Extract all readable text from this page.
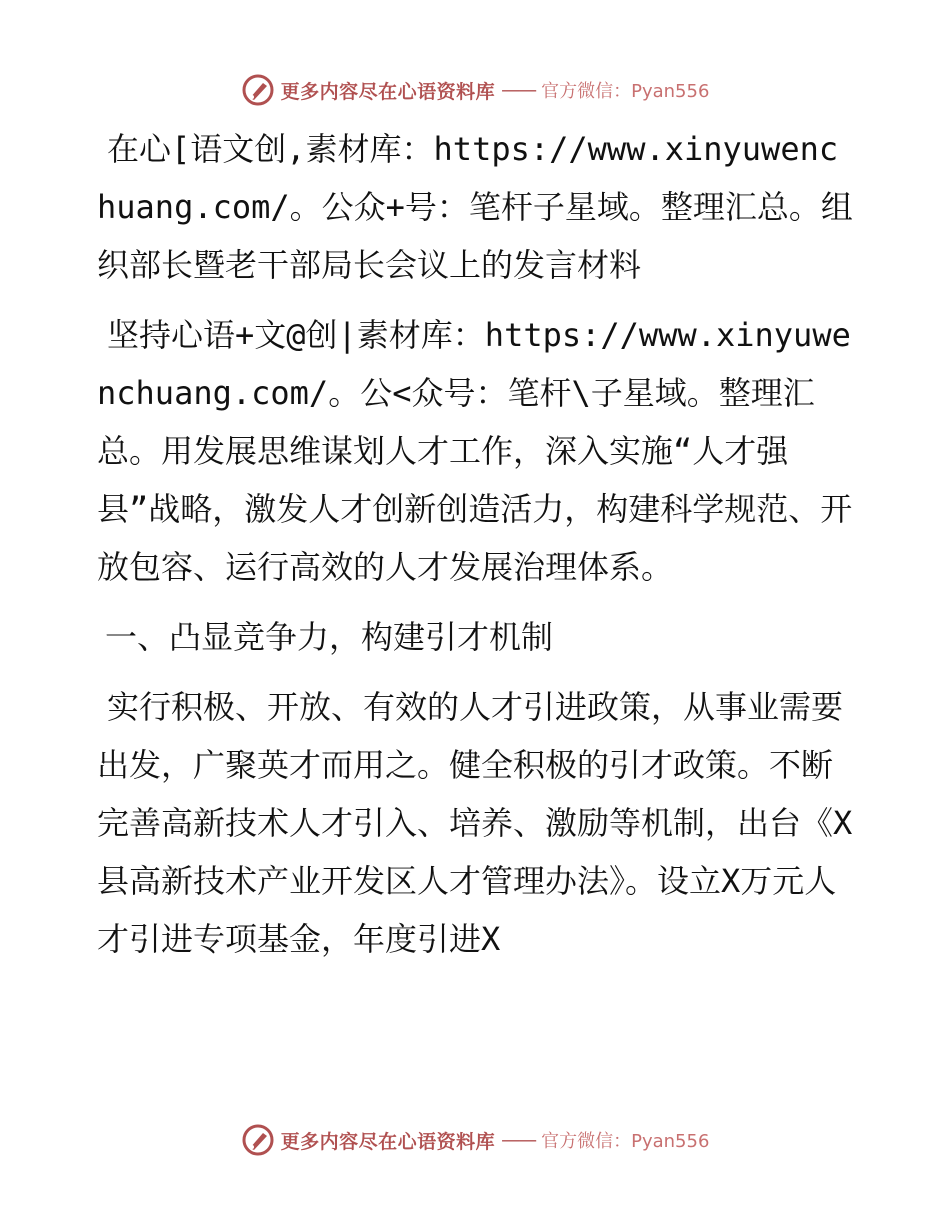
更多内容尽在心语资料库 —— 官方微信：Pyan556

在心[语文创,素材库：https://www.xinyuwenchuang.com/。公众+号：笔杆子星域。整理汇总。组织部长暨老干部局长会议上的发言材料

坚持心语+文@创|素材库：https://www.xinyuwenchuang.com/。公<众号：笔杆\子星域。整理汇总。用发展思维谋划人才工作，深入实施“人才强县”战略，激发人才创新创造活力，构建科学规范、开放包容、运行高效的人才发展治理体系。

一、凸显竞争力，构建引才机制

实行积极、开放、有效的人才引进政策，从事业需要出发，广聚英才而用之。健全积极的引才政策。不断完善高新技术人才引入、培养、激励等机制，出台《X县高新技术产业开发区人才管理办法》。设立X万元人才引进专项基金，年度引进X

更多内容尽在心语资料库 —— 官方微信：Pyan556
